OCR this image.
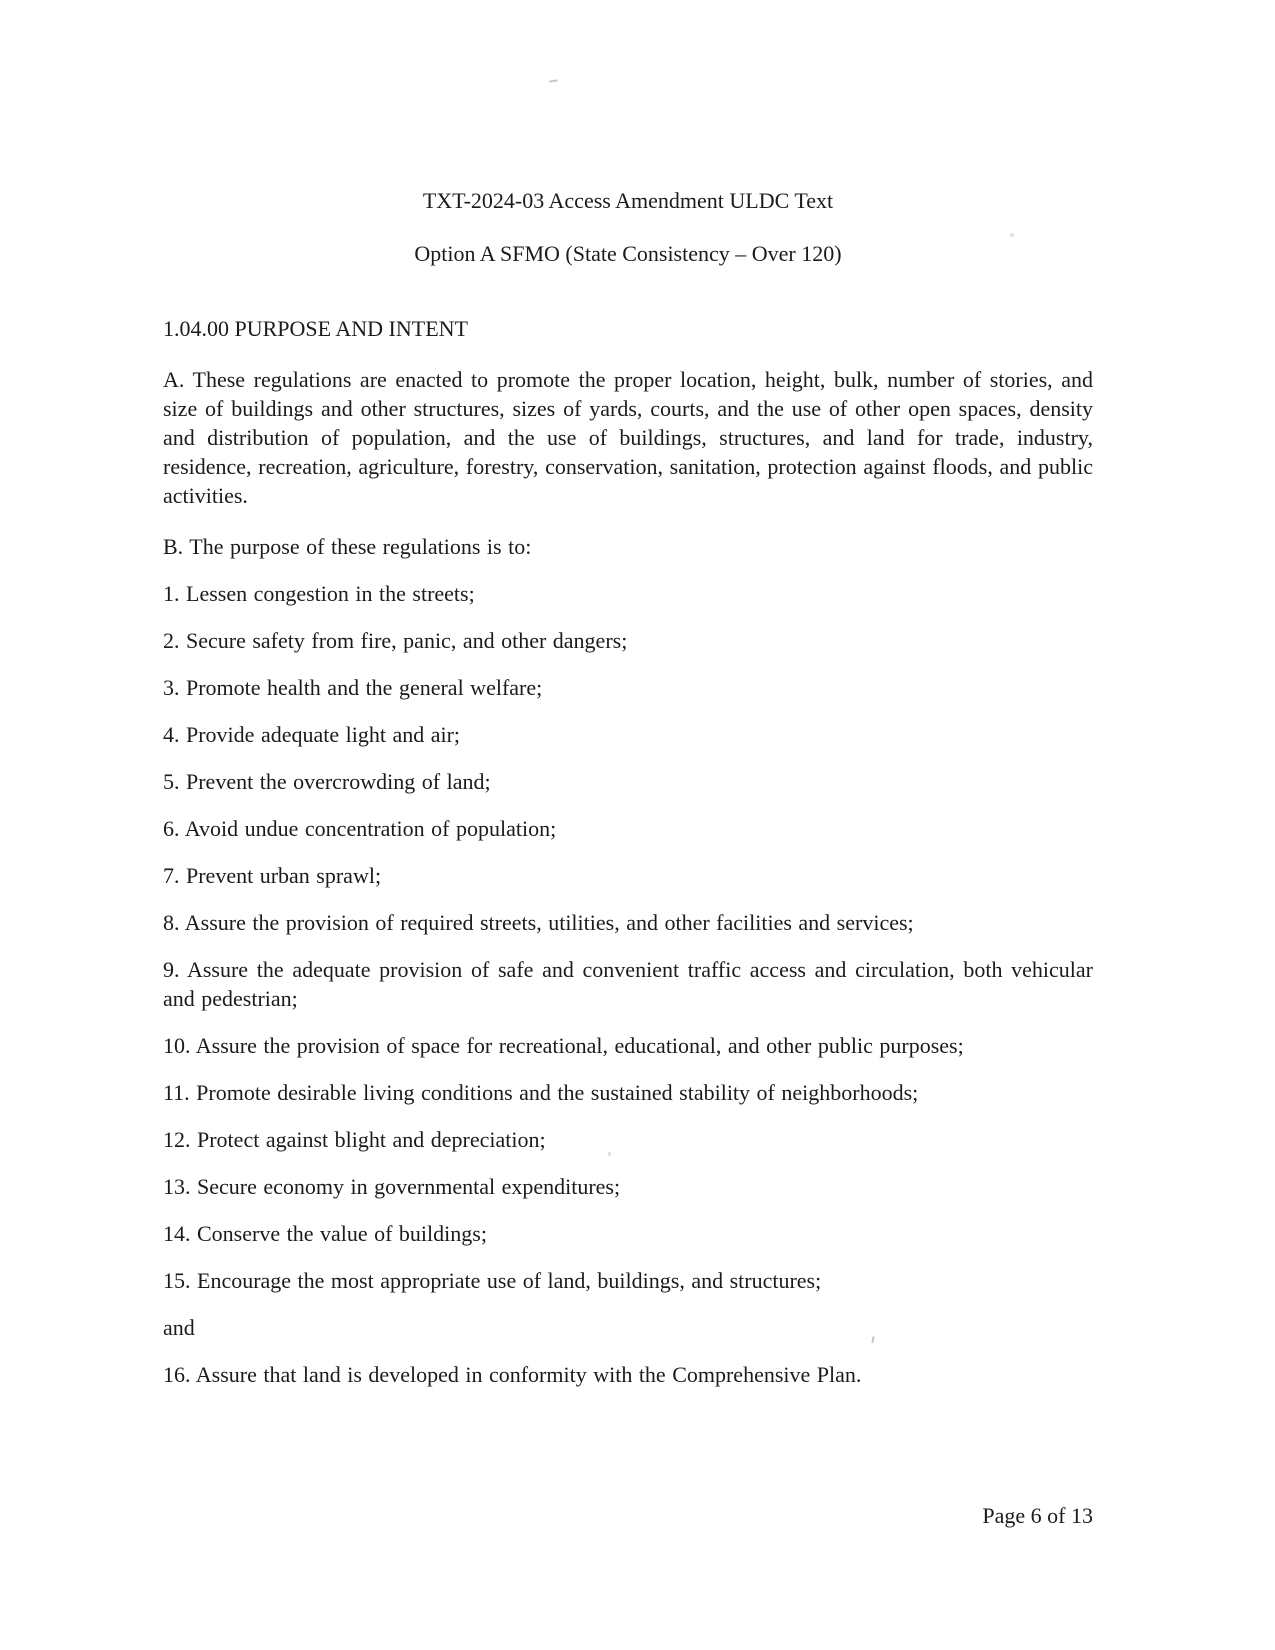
TXT-2024-03 Access Amendment ULDC Text
Option A SFMO (State Consistency – Over 120)
1.04.00 PURPOSE AND INTENT

A. These regulations are enacted to promote the proper location, height, bulk, number of stories, and size of buildings and other structures, sizes of yards, courts, and the use of other open spaces, density and distribution of population, and the use of buildings, structures, and land for trade, industry, residence, recreation, agriculture, forestry, conservation, sanitation, protection against floods, and public activities.

B. The purpose of these regulations is to:

1. Lessen congestion in the streets;

2. Secure safety from fire, panic, and other dangers;

3. Promote health and the general welfare;

4. Provide adequate light and air;

5. Prevent the overcrowding of land;

6. Avoid undue concentration of population;

7. Prevent urban sprawl;

8. Assure the provision of required streets, utilities, and other facilities and services;

9. Assure the adequate provision of safe and convenient traffic access and circulation, both vehicular and pedestrian;

10. Assure the provision of space for recreational, educational, and other public purposes;

11. Promote desirable living conditions and the sustained stability of neighborhoods;

12. Protect against blight and depreciation;

13. Secure economy in governmental expenditures;

14. Conserve the value of buildings;

15. Encourage the most appropriate use of land, buildings, and structures;

and

16. Assure that land is developed in conformity with the Comprehensive Plan.

Page 6 of 13
